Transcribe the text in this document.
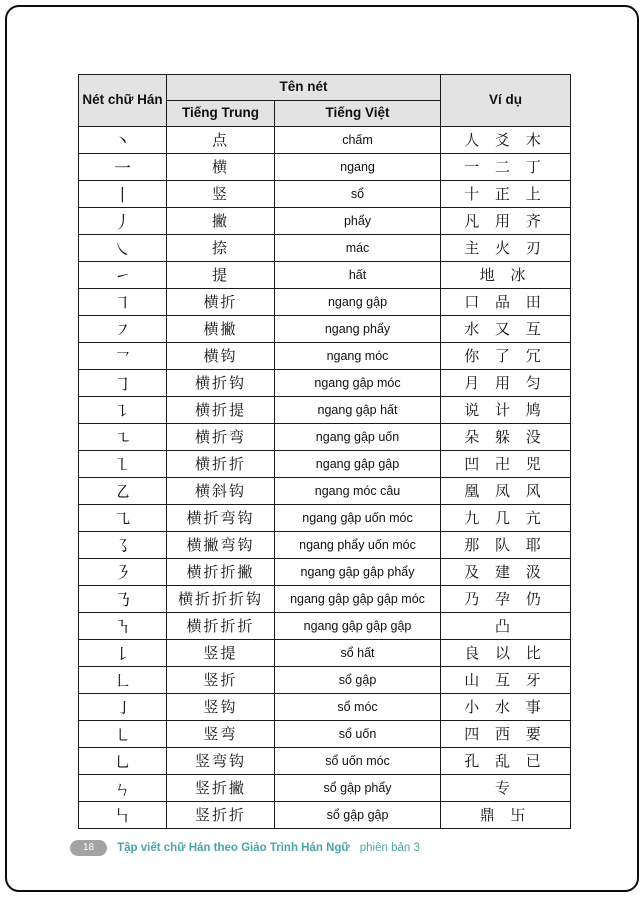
Nét chữ Hán	Tên nét		Ví dụ
	Tiếng Trung	Tiếng Việt	
丶	点	chấm	人 爻 木
一	横	ngang	一 二 丁
丨	竖	sổ	十 正 上
丿	撇	phẩy	凡 用 齐
㇏	捺	mác	主 火 刃
㇀	提	hất	地 冰
㇕	横折	ngang gập	口 品 田
㇇	横撇	ngang phẩy	水 又 互
㇖	横钩	ngang móc	你 了 冗
㇆	横折钩	ngang gập móc	月 用 匀
㇊	横折提	ngang gập hất	说 计 鸠
㇍	横折弯	ngang gập uốn	朵 躲 没
㇅	横折折	ngang gập gập	凹 卍 兕
㇠	横斜钩	ngang móc câu	凰 凤 风
㇈	横折弯钩	ngang gập uốn móc	九 几 亢
㇌	横撇弯钩	ngang phẩy uốn móc	那 队 耶
㇋	横折折撇	ngang gập gập phẩy	及 建 汲
㇡	横折折折钩	ngang gập gập gập móc	乃 孕 仍
㇎	横折折折	ngang gập gập gập	凸
㇙	竖提	sổ hất	良 以 比
㇗	竖折	sổ gập	山 互 牙
㇚	竖钩	sổ móc	小 水 事
㇄	竖弯	sổ uốn	四 西 要
㇟	竖弯钩	sổ uốn móc	孔 乱 已
ㄣ	竖折撇	sổ gập phẩy	专
㇞	竖折折	sổ gập gập	鼎 卐
18	Tập viết chữ Hán theo Giáo Trình Hán Ngữ phiên bản 3
